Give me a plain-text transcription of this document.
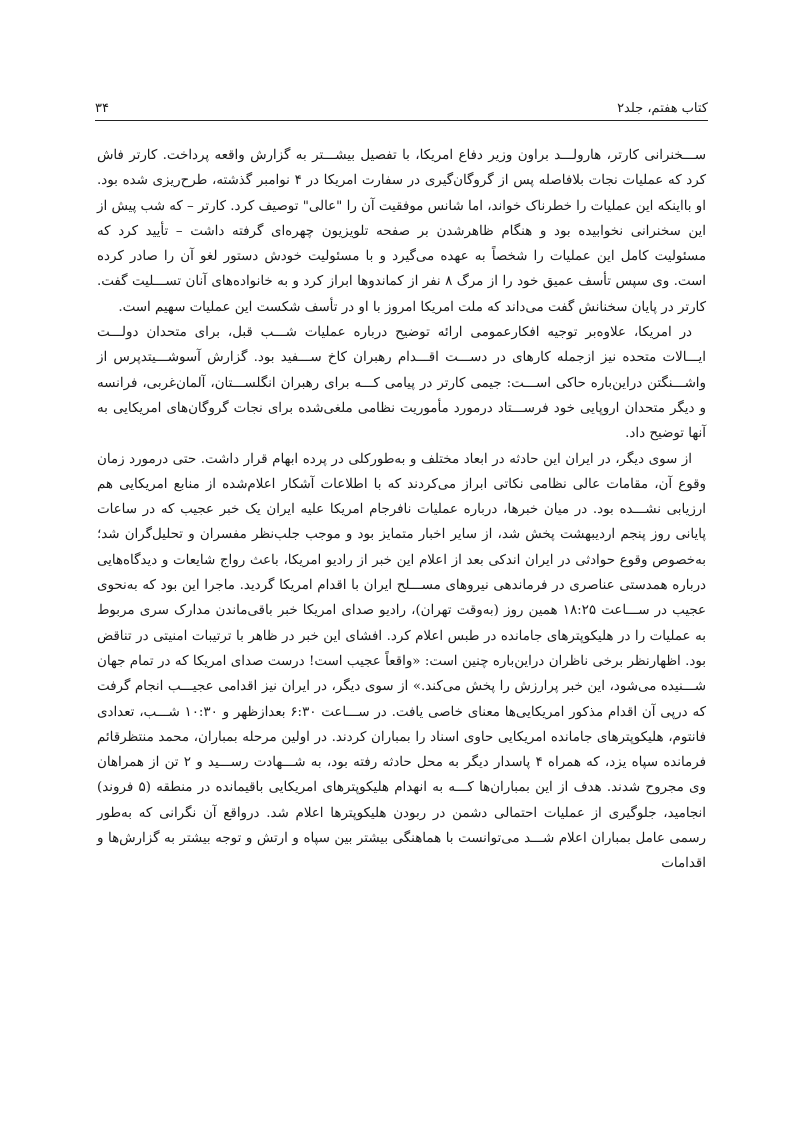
کتاب هفتم، جلد۲
۳۴

ســـخنرانی کارتر، هارولـــد براون وزیر دفاع امریکا، با تفصیل بیشـــتر به گزارش واقعه پرداخت. کارتر فاش کرد که عملیات نجات بلافاصله پس از گروگان‌گیری در سفارت امریکا در ۴ نوامبر گذشته، طرح‌ریزی شده بود. او بااینکه این عملیات را خطرناک خواند، اما شانس موفقیت آن را "عالی" توصیف کرد. کارتر – که شب پیش از این سخنرانی نخوابیده بود و هنگام ظاهرشدن بر صفحه تلویزیون چهره‌ای گرفته داشت – تأیید کرد که مسئولیت کامل این عملیات را شخصاً به عهده می‌گیرد و با مسئولیت خودش دستور لغو آن را صادر کرده است. وی سپس تأسف عمیق خود را از مرگ ۸ نفر از کماندوها ابراز کرد و به خانواده‌های آنان تســـلیت گفت. کارتر در پایان سخنانش گفت می‌داند که ملت امریکا امروز با او در تأسف شکست این عملیات سهیم است.

در امریکا، علاوه‌بر توجیه افکارعمومی ارائه توضیح درباره عملیات شـــب قبل، برای متحدان دولـــت ایـــالات متحده نیز ازجمله کارهای در دســـت اقـــدام رهبران کاخ ســـفید بود. گزارش آسوشـــیتدپرس از واشـــنگتن دراین‌باره حاکی اســـت: جیمی کارتر در پیامی کـــه برای رهبران انگلســـتان، آلمان‌غربی، فرانسه و دیگر متحدان اروپایی خود فرســـتاد درمورد مأموریت نظامی ملغی‌شده برای نجات گروگان‌های امریکایی به آنها توضیح داد.

از سوی دیگر، در ایران این حادثه در ابعاد مختلف و به‌طورکلی در پرده ابهام قرار داشت. حتی درمورد زمان وقوع آن، مقامات عالی نظامی نکاتی ابراز می‌کردند که با اطلاعات آشکار اعلام‌شده از منابع امریکایی هم ارزیابی نشـــده بود. در میان خبرها، درباره عملیات نافرجام امریکا علیه ایران یک خبر عجیب که در ساعات پایانی روز پنجم اردیبهشت پخش شد، از سایر اخبار متمایز بود و موجب جلب‌نظر مفسران و تحلیل‌گران شد؛ به‌خصوص وقوع حوادثی در ایران اندکی بعد از اعلام این خبر از رادیو امریکا، باعث رواج شایعات و دیدگاه‌هایی درباره همدستی عناصری در فرماندهی نیروهای مســـلح ایران با اقدام امریکا گردید. ماجرا این بود که به‌نحوی عجیب در ســـاعت ۱۸:۲۵ همین روز (به‌وقت تهران)، رادیو صدای امریکا خبر باقی‌ماندن مدارک سری مربوط به عملیات را در هلیکوپترهای جامانده در طبس اعلام کرد. افشای این خبر در ظاهر با ترتیبات امنیتی در تناقض بود. اظهارنظر برخی ناظران دراین‌باره چنین است: «واقعاً عجیب است! درست صدای امریکا که در تمام جهان شـــنیده می‌شود، این خبر پرارزش را پخش می‌کند.» از سوی دیگر، در ایران نیز اقدامی عجیـــب انجام گرفت که درپی آن اقدام مذکور امریکایی‌ها معنای خاصی یافت. در ســـاعت ۶:۳۰ بعدازظهر و ۱۰:۳۰ شـــب، تعدادی فانتوم، هلیکوپترهای جامانده امریکایی حاوی اسناد را بمباران کردند. در اولین مرحله بمباران، محمد منتظرقائم فرمانده سپاه یزد، که همراه ۴ پاسدار دیگر به محل حادثه رفته بود، به شـــهادت رســـید و ۲ تن از همراهان وی مجروح شدند. هدف از این بمباران‌ها کـــه به انهدام هلیکوپترهای امریکایی باقیمانده در منطقه (۵ فروند) انجامید، جلوگیری از عملیات احتمالی دشمن در ربودن هلیکوپترها اعلام شد. درواقع آن نگرانی که به‌طور رسمی عامل بمباران اعلام شـــد می‌توانست با هماهنگی بیشتر بین سپاه و ارتش و توجه بیشتر به گزارش‌ها و اقدامات
